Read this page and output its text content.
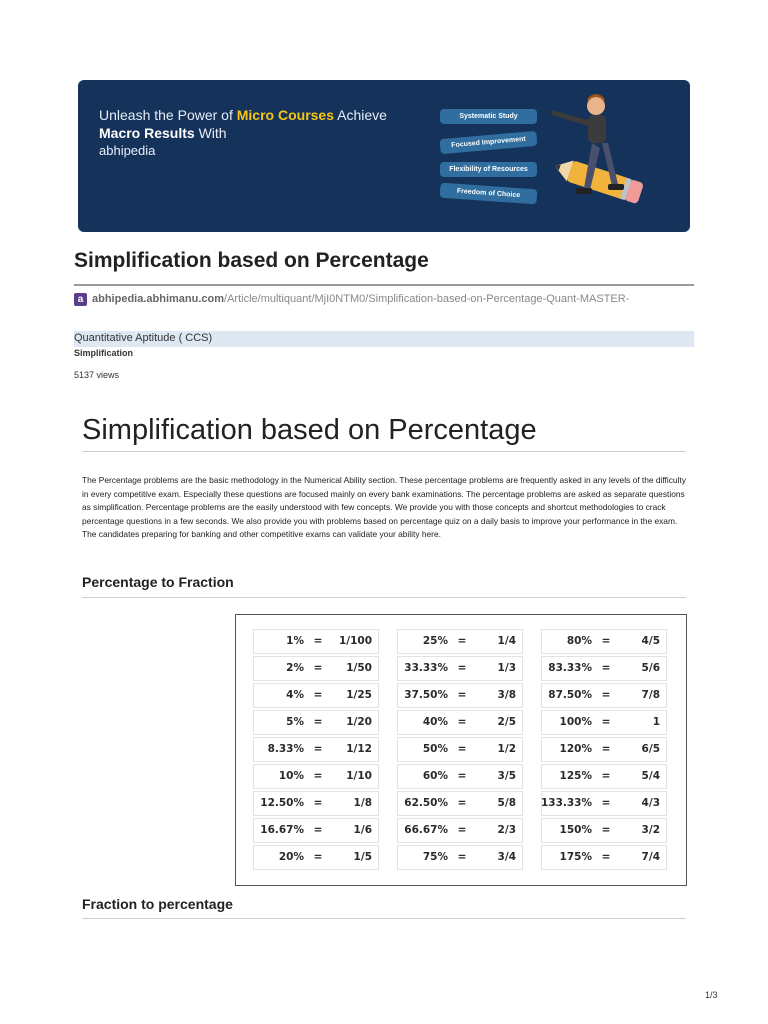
Unleash the Power of Micro Courses Achieve
Macro Results With
abhipedia
Systematic Study
Focused Improvement
Flexibility of Resources
Freedom of Choice
Simplification based on Percentage
a abhipedia.abhimanu.com /Article/multiquant/MjI0NTM0/Simplification-based-on-Percentage-Quant-MASTER-
Quantitative Aptitude ( CCS)
Simplification
5137 views
Simplification based on Percentage
The Percentage problems are the basic methodology in the Numerical Ability section. These percentage problems are frequently asked in any levels of the difficulty in every competitive exam. Especially these questions are focused mainly on every bank examinations. The percentage problems are asked as separate questions as simplification. Percentage problems are the easily understood with few concepts. We provide you with those concepts and shortcut methodologies to crack percentage questions in a few seconds. We also provide you with problems based on percentage quiz on a daily basis to improve your performance in the exam. The candidates preparing for banking and other competitive exams can validate your ability here.
Percentage to Fraction
1% = 1/100
2% = 1/50
4% = 1/25
5% = 1/20
8.33% = 1/12
10% = 1/10
12.50% =	1/8
16.67% =	1/6
20% =	1/5
25% =	1/4
33.33% =	1/3
37.50% =	3/8
40% =	2/5
50% =	1/2
60% =	3/5
62.50% =	5/8
66.67% =	2/3
75% =	3/4
80% =	4/5
83.33% =	5/6
87.50% =	7/8
100% =	1
120% =	6/5
125% =	5/4
133.33% =	4/3
150% =	3/2
175% =	7/4
Fraction to percentage
1/3
